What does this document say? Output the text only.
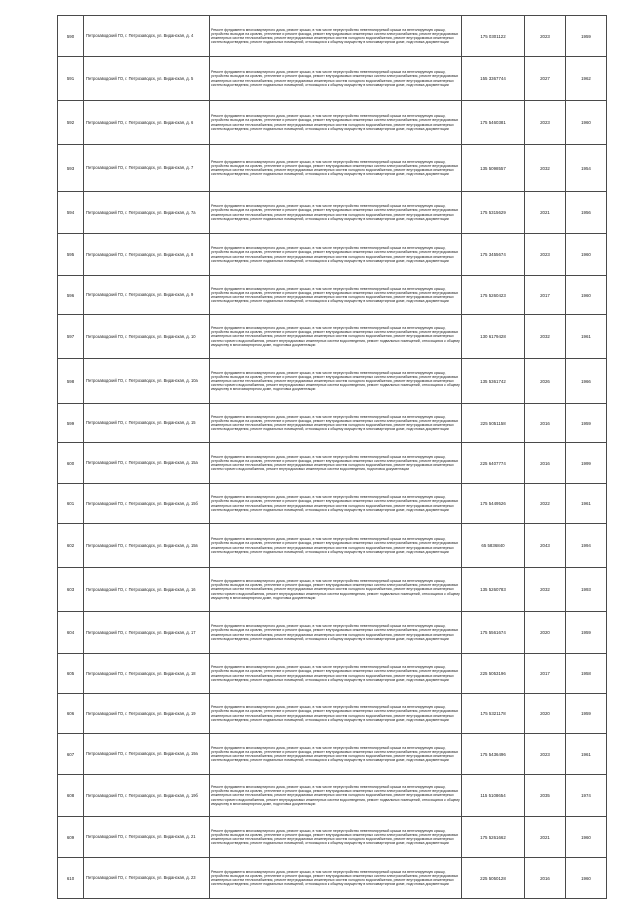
590	Петрозаводский ГО, г. Петрозаводск, ул. Виданская, д. 4	Ремонт фундамента многоквартирного дома, ремонт крыши, в том числе переустройство невентилируемой крыши на вентилируемую крышу, устройство выходов на кровлю, утепление и ремонт фасада, ремонт внутридомовых инженерных систем электроснабжения, ремонт внутридомовых инженерных систем теплоснабжения, ремонт внутридомовых инженерных систем холодного водоснабжения, ремонт внутридомовых инженерных систем водоотведения, ремонт подвальных помещений, относящихся к общему имуществу в многоквартирном доме, подготовка документации	175 0301122	2023	1959
591	Петрозаводский ГО, г. Петрозаводск, ул. Виданская, д. 5	Ремонт фундамента многоквартирного дома, ремонт крыши, в том числе переустройство невентилируемой крыши на вентилируемую крышу, устройство выходов на кровлю, утепление и ремонт фасада, ремонт внутридомовых инженерных систем электроснабжения, ремонт внутридомовых инженерных систем теплоснабжения, ремонт внутридомовых инженерных систем холодного водоснабжения, ремонт внутридомовых инженерных систем водоотведения, ремонт подвальных помещений, относящихся к общему имуществу в многоквартирном доме, подготовка документации	155 3367744	2027	1962
592	Петрозаводский ГО, г. Петрозаводск, ул. Виданская, д. 6	Ремонт фундамента многоквартирного дома, ремонт крыши, в том числе переустройство невентилируемой крыши на вентилируемую крышу, устройство выходов на кровлю, утепление и ремонт фасада, ремонт внутридомовых инженерных систем электроснабжения, ремонт внутридомовых инженерных систем теплоснабжения, ремонт внутридомовых инженерных систем холодного водоснабжения, ремонт внутридомовых инженерных систем водоотведения, ремонт подвальных помещений, относящихся к общему имуществу в многоквартирном доме, подготовка документации	175 5460381	2023	1960
593	Петрозаводский ГО, г. Петрозаводск, ул. Виданская, д. 7	Ремонт фундамента многоквартирного дома, ремонт крыши, в том числе переустройство невентилируемой крыши на вентилируемую крышу, устройство выходов на кровлю, утепление и ремонт фасада, ремонт внутридомовых инженерных систем электроснабжения, ремонт внутридомовых инженерных систем теплоснабжения, ремонт внутридомовых инженерных систем холодного водоснабжения, ремонт внутридомовых инженерных систем водоотведения, ремонт подвальных помещений, относящихся к общему имуществу в многоквартирном доме, подготовка документации	135 5098557	2032	1954
594	Петрозаводский ГО, г. Петрозаводск, ул. Виданская, д. 7а	Ремонт фундамента многоквартирного дома, ремонт крыши, в том числе переустройство невентилируемой крыши на вентилируемую крышу, устройство выходов на кровлю, утепление и ремонт фасада, ремонт внутридомовых инженерных систем электроснабжения, ремонт внутридомовых инженерных систем теплоснабжения, ремонт внутридомовых инженерных систем холодного водоснабжения, ремонт внутридомовых инженерных систем водоотведения, ремонт подвальных помещений, относящихся к общему имуществу в многоквартирном доме, подготовка документации	175 5315629	2021	1956
595	Петрозаводский ГО, г. Петрозаводск, ул. Виданская, д. 8	Ремонт фундамента многоквартирного дома, ремонт крыши, в том числе переустройство невентилируемой крыши на вентилируемую крышу, устройство выходов на кровлю, утепление и ремонт фасада, ремонт внутридомовых инженерных систем электроснабжения, ремонт внутридомовых инженерных систем теплоснабжения, ремонт внутридомовых инженерных систем холодного водоснабжения, ремонт внутридомовых инженерных систем водоотведения, ремонт подвальных помещений, относящихся к общему имуществу в многоквартирном доме, подготовка документации	175 3455674	2023	1960
596	Петрозаводский ГО, г. Петрозаводск, ул. Виданская, д. 9	Ремонт фундамента многоквартирного дома, ремонт крыши, в том числе переустройство невентилируемой крыши на вентилируемую крышу, устройство выходов на кровлю, утепление и ремонт фасада, ремонт внутридомовых инженерных систем электроснабжения, ремонт внутридомовых инженерных систем теплоснабжения, ремонт внутридомовых инженерных систем холодного водоснабжения, ремонт внутридомовых инженерных систем водоотведения, ремонт подвальных помещений, относящихся к общему имуществу в многоквартирном доме, подготовка документации	175 5260423	2017	1960
597	Петрозаводский ГО, г. Петрозаводск, ул. Виданская, д. 10	Ремонт фундамента многоквартирного дома, ремонт крыши, в том числе переустройство невентилируемой крыши на вентилируемую крышу, устройство выходов на кровлю, утепление и ремонт фасада, ремонт внутридомовых инженерных систем электроснабжения, ремонт внутридомовых инженерных систем теплоснабжения, ремонт внутридомовых инженерных систем холодного водоснабжения, ремонт внутридомовых инженерных систем горячего водоснабжения, ремонт внутридомовых инженерных систем водоотведения, ремонт подвальных помещений, относящихся к общему имуществу в многоквартирном доме, подготовка документации	130 6179428	2032	1961
598	Петрозаводский ГО, г. Петрозаводск, ул. Виданская, д. 10а	Ремонт фундамента многоквартирного дома, ремонт крыши, в том числе переустройство невентилируемой крыши на вентилируемую крышу, устройство выходов на кровлю, утепление и ремонт фасада, ремонт внутридомовых инженерных систем электроснабжения, ремонт внутридомовых инженерных систем теплоснабжения, ремонт внутридомовых инженерных систем холодного водоснабжения, ремонт внутридомовых инженерных систем горячего водоснабжения, ремонт внутридомовых инженерных систем водоотведения, ремонт подвальных помещений, относящихся к общему имуществу в многоквартирном доме, подготовка документации	135 5361742	2026	1966
599	Петрозаводский ГО, г. Петрозаводск, ул. Виданская, д. 15	Ремонт фундамента многоквартирного дома, ремонт крыши, в том числе переустройство невентилируемой крыши на вентилируемую крышу, устройство выходов на кровлю, утепление и ремонт фасада, ремонт внутридомовых инженерных систем электроснабжения, ремонт внутридомовых инженерных систем теплоснабжения, ремонт внутридомовых инженерных систем холодного водоснабжения, ремонт внутридомовых инженерных систем водоотведения, ремонт подвальных помещений, относящихся к общему имуществу в многоквартирном доме, подготовка документации	225 5051158	2016	1959
600	Петрозаводский ГО, г. Петрозаводск, ул. Виданская, д. 15а	Ремонт фундамента многоквартирного дома, ремонт крыши, в том числе переустройство невентилируемой крыши на вентилируемую крышу, устройство выходов на кровлю, утепление и ремонт фасада, ремонт внутридомовых инженерных систем электроснабжения, ремонт внутридомовых инженерных систем теплоснабжения, ремонт внутридомовых инженерных систем холодного водоснабжения, ремонт внутридомовых инженерных систем горячего водоснабжения, ремонт внутридомовых инженерных систем водоотведения, подготовка документации	225 6407774	2016	1999
601	Петрозаводский ГО, г. Петрозаводск, ул. Виданская, д. 15б	Ремонт фундамента многоквартирного дома, ремонт крыши, в том числе переустройство невентилируемой крыши на вентилируемую крышу, устройство выходов на кровлю, утепление и ремонт фасада, ремонт внутридомовых инженерных систем электроснабжения, ремонт внутридомовых инженерных систем теплоснабжения, ремонт внутридомовых инженерных систем холодного водоснабжения, ремонт внутридомовых инженерных систем водоотведения, ремонт подвальных помещений, относящихся к общему имуществу в многоквартирном доме, подготовка документации	175 5449526	2022	1961
602	Петрозаводский ГО, г. Петрозаводск, ул. Виданская, д. 15в	Ремонт фундамента многоквартирного дома, ремонт крыши, в том числе переустройство невентилируемой крыши на вентилируемую крышу, устройство выходов на кровлю, утепление и ремонт фасада, ремонт внутридомовых инженерных систем электроснабжения, ремонт внутридомовых инженерных систем теплоснабжения, ремонт внутридомовых инженерных систем холодного водоснабжения, ремонт внутридомовых инженерных систем водоотведения, ремонт подвальных помещений, относящихся к общему имуществу в многоквартирном доме, подготовка документации	65 5836840	2043	1994
603	Петрозаводский ГО, г. Петрозаводск, ул. Виданская, д. 16	Ремонт фундамента многоквартирного дома, ремонт крыши, в том числе переустройство невентилируемой крыши на вентилируемую крышу, устройство выходов на кровлю, утепление и ремонт фасада, ремонт внутридомовых инженерных систем электроснабжения, ремонт внутридомовых инженерных систем теплоснабжения, ремонт внутридомовых инженерных систем холодного водоснабжения, ремонт внутридомовых инженерных систем горячего водоснабжения, ремонт внутридомовых инженерных систем водоотведения, ремонт подвальных помещений, относящихся к общему имуществу в многоквартирном доме, подготовка документации	135 5260783	2032	1993
604	Петрозаводский ГО, г. Петрозаводск, ул. Виданская, д. 17	Ремонт фундамента многоквартирного дома, ремонт крыши, в том числе переустройство невентилируемой крыши на вентилируемую крышу, устройство выходов на кровлю, утепление и ремонт фасада, ремонт внутридомовых инженерных систем электроснабжения, ремонт внутридомовых инженерных систем теплоснабжения, ремонт внутридомовых инженерных систем холодного водоснабжения, ремонт внутридомовых инженерных систем водоотведения, ремонт подвальных помещений, относящихся к общему имуществу в многоквартирном доме, подготовка документации	175 5561674	2020	1959
605	Петрозаводский ГО, г. Петрозаводск, ул. Виданская, д. 18	Ремонт фундамента многоквартирного дома, ремонт крыши, в том числе переустройство невентилируемой крыши на вентилируемую крышу, устройство выходов на кровлю, утепление и ремонт фасада, ремонт внутридомовых инженерных систем электроснабжения, ремонт внутридомовых инженерных систем теплоснабжения, ремонт внутридомовых инженерных систем холодного водоснабжения, ремонт внутридомовых инженерных систем водоотведения, ремонт подвальных помещений, относящихся к общему имуществу в многоквартирном доме, подготовка документации	225 5053196	2017	1958
606	Петрозаводский ГО, г. Петрозаводск, ул. Виданская, д. 19	Ремонт фундамента многоквартирного дома, ремонт крыши, в том числе переустройство невентилируемой крыши на вентилируемую крышу, устройство выходов на кровлю, утепление и ремонт фасада, ремонт внутридомовых инженерных систем электроснабжения, ремонт внутридомовых инженерных систем теплоснабжения, ремонт внутридомовых инженерных систем холодного водоснабжения, ремонт внутридомовых инженерных систем водоотведения, ремонт подвальных помещений, относящихся к общему имуществу в многоквартирном доме, подготовка документации	175 5321178	2020	1959
607	Петрозаводский ГО, г. Петрозаводск, ул. Виданская, д. 19а	Ремонт фундамента многоквартирного дома, ремонт крыши, в том числе переустройство невентилируемой крыши на вентилируемую крышу, устройство выходов на кровлю, утепление и ремонт фасада, ремонт внутридомовых инженерных систем электроснабжения, ремонт внутридомовых инженерных систем теплоснабжения, ремонт внутридомовых инженерных систем холодного водоснабжения, ремонт внутридомовых инженерных систем водоотведения, ремонт подвальных помещений, относящихся к общему имуществу в многоквартирном доме, подготовка документации	175 5436496	2023	1961
608	Петрозаводский ГО, г. Петрозаводск, ул. Виданская, д. 19б	Ремонт фундамента многоквартирного дома, ремонт крыши, в том числе переустройство невентилируемой крыши на вентилируемую крышу, устройство выходов на кровлю, утепление и ремонт фасада, ремонт внутридомовых инженерных систем электроснабжения, ремонт внутридомовых инженерных систем теплоснабжения, ремонт внутридомовых инженерных систем холодного водоснабжения, ремонт внутридомовых инженерных систем горячего водоснабжения, ремонт внутридомовых инженерных систем водоотведения, ремонт подвальных помещений, относящихся к общему имуществу в многоквартирном доме, подготовка документации	115 5108654	2035	1974
609	Петрозаводский ГО, г. Петрозаводск, ул. Виданская, д. 21	Ремонт фундамента многоквартирного дома, ремонт крыши, в том числе переустройство невентилируемой крыши на вентилируемую крышу, устройство выходов на кровлю, утепление и ремонт фасада, ремонт внутридомовых инженерных систем электроснабжения, ремонт внутридомовых инженерных систем теплоснабжения, ремонт внутридомовых инженерных систем холодного водоснабжения, ремонт внутридомовых инженерных систем водоотведения, ремонт подвальных помещений, относящихся к общему имуществу в многоквартирном доме, подготовка документации	175 5261662	2021	1960
610	Петрозаводский ГО, г. Петрозаводск, ул. Виданская, д. 23	Ремонт фундамента многоквартирного дома, ремонт крыши, в том числе переустройство невентилируемой крыши на вентилируемую крышу, устройство выходов на кровлю, утепление и ремонт фасада, ремонт внутридомовых инженерных систем электроснабжения, ремонт внутридомовых инженерных систем теплоснабжения, ремонт внутридомовых инженерных систем холодного водоснабжения, ремонт внутридомовых инженерных систем водоотведения, ремонт подвальных помещений, относящихся к общему имуществу в многоквартирном доме, подготовка документации	225 5050128	2016	1960
